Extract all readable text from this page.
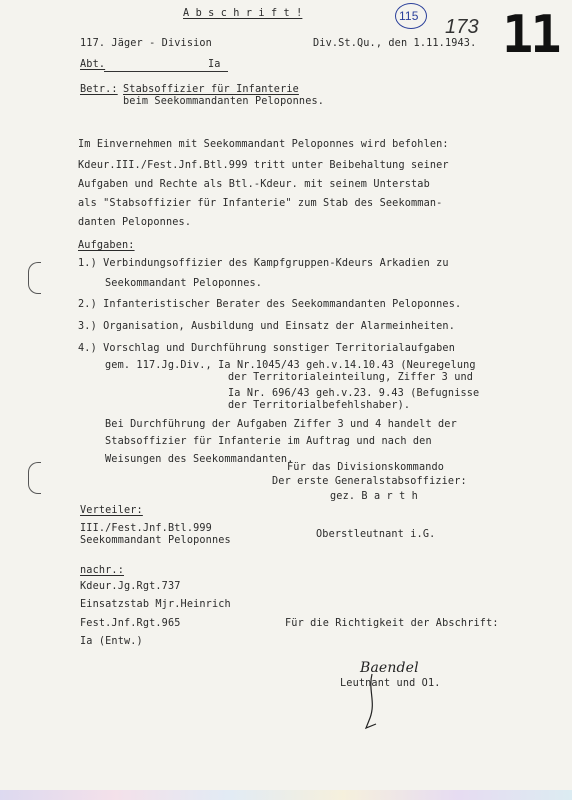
115 173 11
A b s c h r i f t !
117. Jäger - Division	Div.St.Qu., den 1.11.1943.
Abt.	Ia
Betr.: Stabsoffizier für Infanterie
beim Seekommandanten Peloponnes.
Im Einvernehmen mit Seekommandant Peloponnes wird befohlen:
Kdeur.III./Fest.Jnf.Btl.999 tritt unter Beibehaltung seiner
Aufgaben und Rechte als Btl.-Kdeur. mit seinem Unterstab
als "Stabsoffizier für Infanterie" zum Stab des Seekomman-
danten Peloponnes.
Aufgaben:
1.) Verbindungsoffizier des Kampfgruppen-Kdeurs Arkadien zu
Seekommandant Peloponnes.
2.) Infanteristischer Berater des Seekommandanten Peloponnes.
3.) Organisation, Ausbildung und Einsatz der Alarmeinheiten.
4.) Vorschlag und Durchführung sonstiger Territorialaufgaben
gem. 117.Jg.Div., Ia Nr.1045/43 geh.v.14.10.43 (Neuregelung
der Territorialeinteilung, Ziffer 3 und
Ia Nr. 696/43 geh.v.23. 9.43 (Befugnisse
der Territorialbefehlshaber).
Bei Durchführung der Aufgaben Ziffer 3 und 4 handelt der
Stabsoffizier für Infanterie im Auftrag und nach den
Weisungen des Seekommandanten.
Für das Divisionskommando
Der erste Generalstabsoffizier:
gez. B a r t h
Oberstleutnant i.G.
Verteiler:
III./Fest.Jnf.Btl.999
Seekommandant Peloponnes
nachr.:
Kdeur.Jg.Rgt.737
Einsatzstab Mjr.Heinrich
Fest.Jnf.Rgt.965
Ia (Entw.)
Für die Richtigkeit der Abschrift:
Baendel
Leutnant und O1.
